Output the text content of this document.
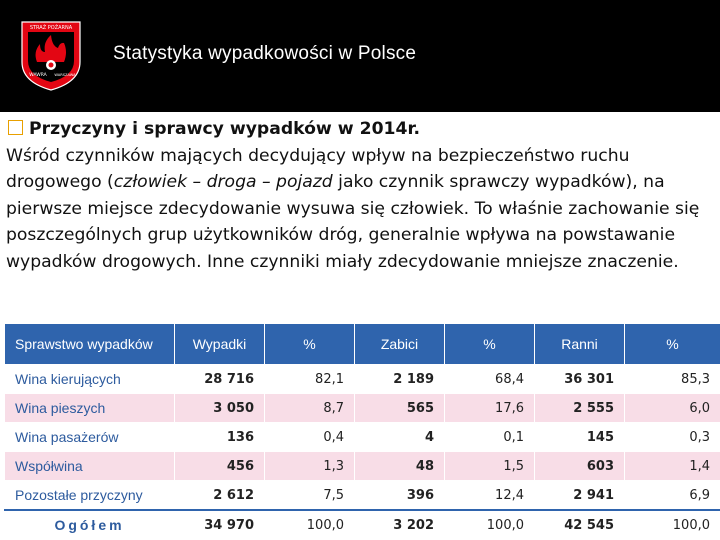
STRAŻ POŻARNA
WAWRA WARSZAWA
Statystyka wypadkowości w Polsce
Przyczyny i sprawcy wypadków w 2014r.

Wśród czynników mających decydujący wpływ na bezpieczeństwo ruchu drogowego (człowiek – droga – pojazd jako czynnik sprawczy wypadków), na pierwsze miejsce zdecydowanie wysuwa się człowiek. To właśnie zachowanie się poszczególnych grup użytkowników dróg, generalnie wpływa na powstawanie wypadków drogowych. Inne czynniki miały zdecydowanie mniejsze znaczenie.

Sprawstwo wypadków	Wypadki	%	Zabici	%	Ranni	%
Wina kierujących	28 716	82,1	2 189	68,4	36 301	85,3
Wina pieszych	3 050	8,7	565	17,6	2 555	6,0
Wina pasażerów	136	0,4	4	0,1	145	0,3
Współwina	456	1,3	48	1,5	603	1,4
Pozostałe przyczyny	2 612	7,5	396	12,4	2 941	6,9
Ogółem	34 970	100,0	3 202	100,0	42 545	100,0
